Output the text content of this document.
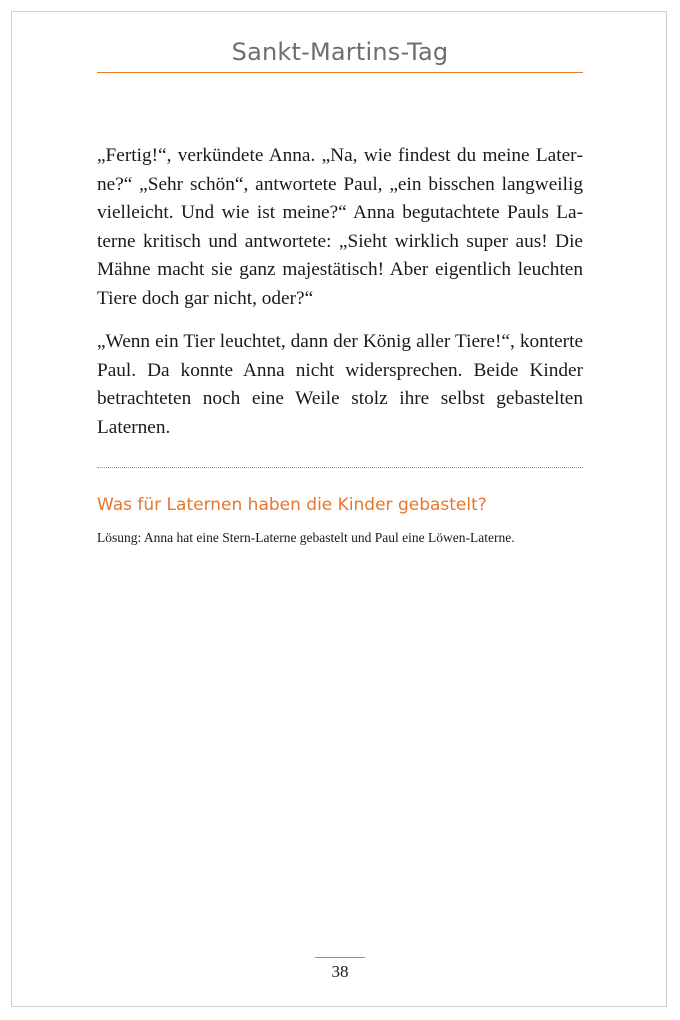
Sankt-Martins-Tag

„Fertig!“, verkündete Anna. „Na, wie findest du meine Laterne?“ „Sehr schön“, antwortete Paul, „ein bisschen langweilig vielleicht. Und wie ist meine?“ Anna begutachtete Pauls Laterne kritisch und antwortete: „Sieht wirklich super aus! Die Mähne macht sie ganz majestätisch! Aber eigentlich leuchten Tiere doch gar nicht, oder?“

„Wenn ein Tier leuchtet, dann der König aller Tiere!“, konterte Paul. Da konnte Anna nicht widersprechen. Beide Kinder betrachteten noch eine Weile stolz ihre selbst gebastelten Laternen.

Was für Laternen haben die Kinder gebastelt?
Lösung: Anna hat eine Stern-Laterne gebastelt und Paul eine Löwen-Laterne.
38
